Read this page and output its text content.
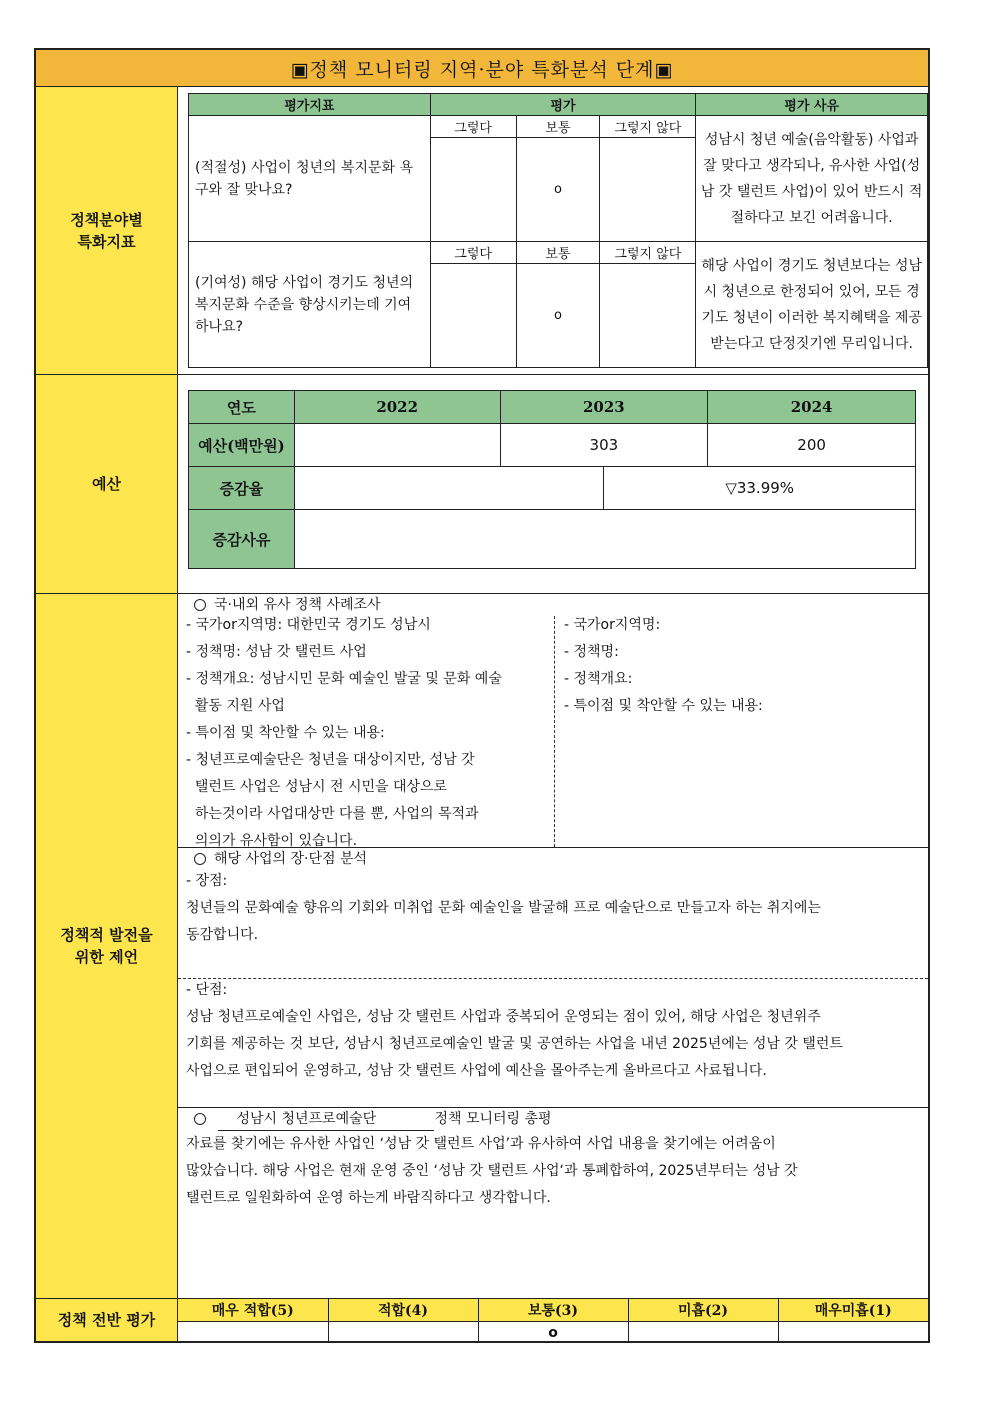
▣정책 모니터링 지역·분야 특화분석 단계▣
정책분야별
특화지표
평가지표	평가			평가 사유
(적절성) 사업이 청년의 복지문화 욕구와 잘 맞나요?	그렇다	보통	그렇지 않다	성남시 청년 예술(음악활동) 사업과 잘 맞다고 생각되나, 유사한 사업(성남 갓 탤런트 사업)이 있어 반드시 적절하다고 보긴 어려웁니다.
		o		
(기여성) 해당 사업이 경기도 청년의 복지문화 수준을 향상시키는데 기여하나요?	그렇다	보통	그렇지 않다	해당 사업이 경기도 청년보다는 성남시 청년으로 한정되어 있어, 모든 경기도 청년이 이러한 복지혜택을 제공받는다고 단정짓기엔 무리입니다.
		o		
예산
연도	2022	2023		2024
예산(백만원)		303		200
증감율			▽33.99%	
증감사유				
정책적 발전을
위한 제언
국·내외 유사 정책 사례조사
- 국가or지역명: 대한민국 경기도 성남시
- 정책명: 성남 갓 탤런트 사업
- 정책개요: 성남시민 문화 예술인 발굴 및 문화 예술
활동 지원 사업
- 특이점 및 착안할 수 있는 내용:
- 청년프로예술단은 청년을 대상이지만, 성남 갓
탤런트 사업은 성남시 전 시민을 대상으로
하는것이라 사업대상만 다를 뿐, 사업의 목적과
의의가 유사함이 있습니다.
- 국가or지역명:
- 정책명:
- 정책개요:
- 특이점 및 착안할 수 있는 내용:
해당 사업의 장·단점 분석
- 장점:
청년들의 문화예술 향유의 기회와 미취업 문화 예술인을 발굴해 프로 예술단으로 만들고자 하는 취지에는
동감합니다.
- 단점:
성남 청년프로예술인 사업은, 성남 갓 탤런트 사업과 중복되어 운영되는 점이 있어, 해당 사업은 청년위주
기회를 제공하는 것 보단, 성남시 청년프로예술인 발굴 및 공연하는 사업을 내년 2025년에는 성남 갓 탤런트
사업으로 편입되어 운영하고, 성남 갓 탤런트 사업에 예산을 몰아주는게 올바르다고 사료됩니다.
성남시 청년프로예술단	정책 모니터링 총평
자료를 찾기에는 유사한 사업인 ‘성남 갓 탤런트 사업’과 유사하여 사업 내용을 찾기에는 어려움이
많았습니다. 해당 사업은 현재 운영 중인 ‘성남 갓 탤런트 사업‘과 통폐합하여, 2025년부터는 성남 갓
탤런트로 일원화하여 운영 하는게 바람직하다고 생각합니다.
정책 전반 평가	매우 적합(5)	적합(4)	보통(3)	미흡(2)	매우미흡(1)
		o		
